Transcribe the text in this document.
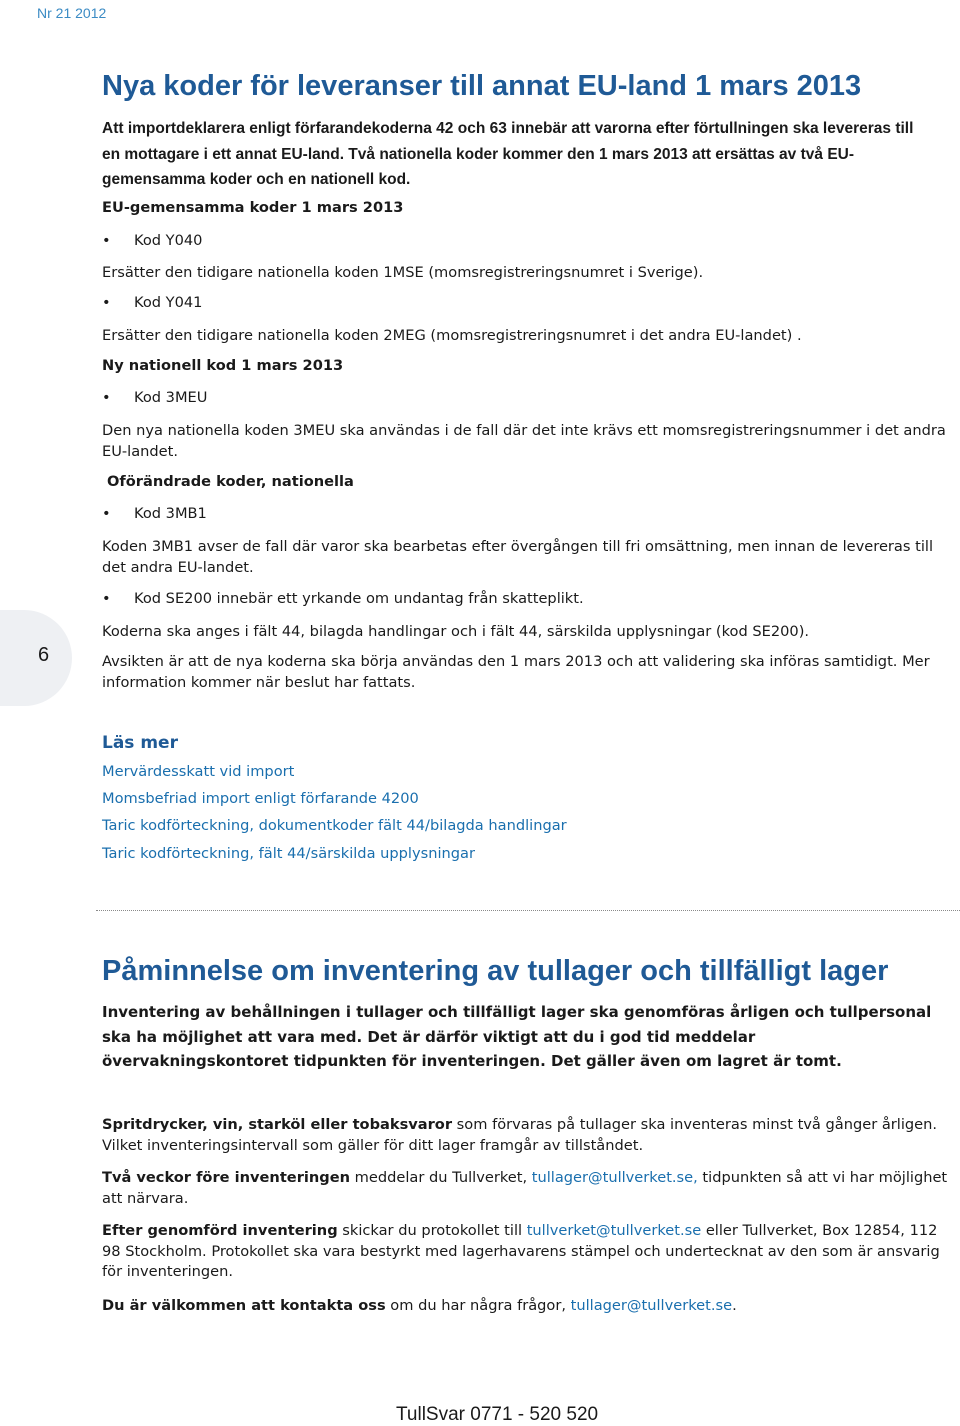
Nr 21 2012
Nya koder för leveranser till annat EU-land 1 mars 2013

Att importdeklarera enligt förfarandekoderna 42 och 63 innebär att varorna efter förtullningen ska levereras till en mottagare i ett annat EU-land. Två nationella koder kommer den 1 mars 2013 att ersättas av två EU-gemensamma koder och en nationell kod.

EU-gemensamma koder 1 mars 2013

• Kod Y040

Ersätter den tidigare nationella koden 1MSE (momsregistreringsnumret i Sverige).

• Kod Y041

Ersätter den tidigare nationella koden 2MEG (momsregistreringsnumret i det andra EU-landet) .

Ny nationell kod 1 mars 2013

• Kod 3MEU

Den nya nationella koden 3MEU ska användas i de fall där det inte krävs ett momsregistreringsnummer i det andra EU-landet.

Oförändrade koder, nationella

• Kod 3MB1

Koden 3MB1 avser de fall där varor ska bearbetas efter övergången till fri omsättning, men innan de levereras till det andra EU-landet.

• Kod SE200 innebär ett yrkande om undantag från skatteplikt.

Koderna ska anges i fält 44, bilagda handlingar och i fält 44, särskilda upplysningar (kod SE200).

Avsikten är att de nya koderna ska börja användas den 1 mars 2013 och att validering ska införas samtidigt. Mer information kommer när beslut har fattats.

6

Läs mer

Mervärdesskatt vid import
Momsbefriad import enligt förfarande 4200
Taric kodförteckning, dokumentkoder fält 44/bilagda handlingar
Taric kodförteckning, fält 44/särskilda upplysningar
Påminnelse om inventering av tullager och tillfälligt lager

Inventering av behållningen i tullager och tillfälligt lager ska genomföras årligen och tullpersonal ska ha möjlighet att vara med. Det är därför viktigt att du i god tid meddelar övervakningskontoret tidpunkten för inventeringen. Det gäller även om lagret är tomt.

Spritdrycker, vin, starköl eller tobaksvaror som förvaras på tullager ska inventeras minst två gånger årligen. Vilket inventeringsintervall som gäller för ditt lager framgår av tillståndet.

Två veckor före inventeringen meddelar du Tullverket, tullager@tullverket.se, tidpunkten så att vi har möjlighet att närvara.

Efter genomförd inventering skickar du protokollet till tullverket@tullverket.se eller Tullverket, Box 12854, 112 98 Stockholm. Protokollet ska vara bestyrkt med lagerhavarens stämpel och undertecknat av den som är ansvarig för inventeringen.

Du är välkommen att kontakta oss om du har några frågor, tullager@tullverket.se.

TullSvar 0771 - 520 520
